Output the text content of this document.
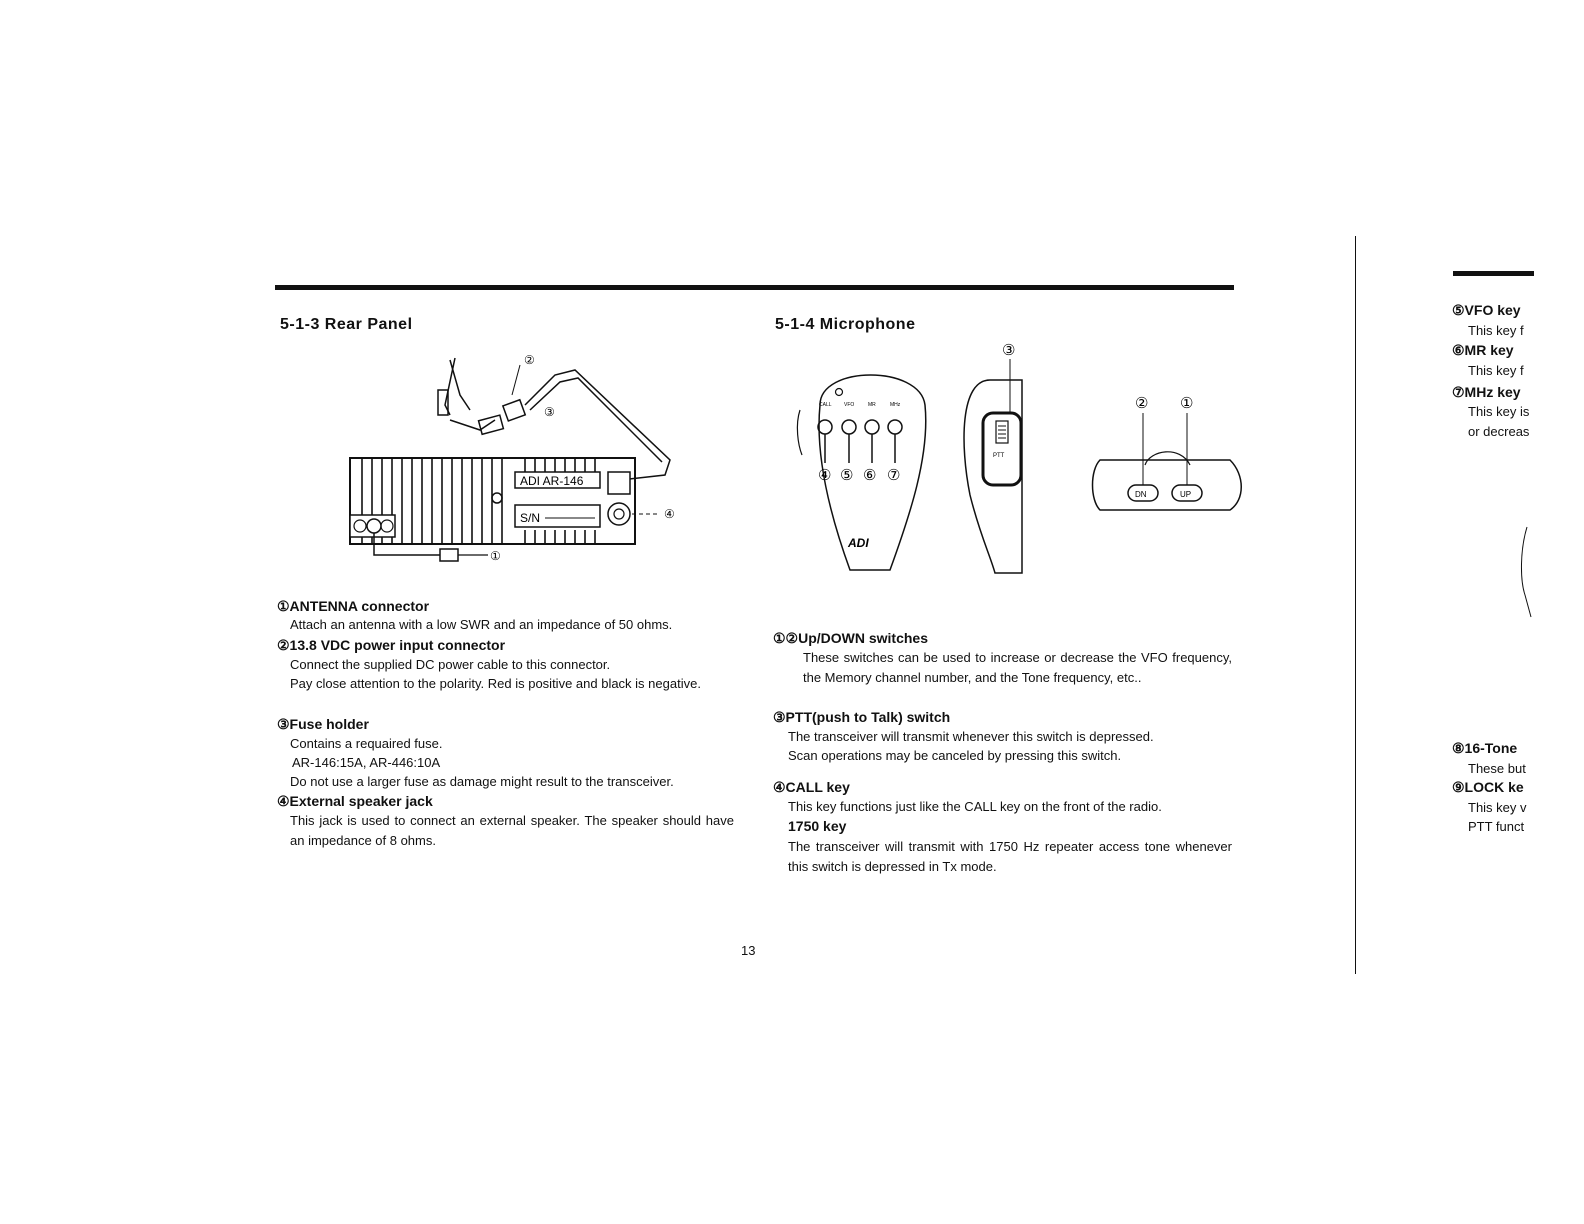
5-1-3 Rear Panel
ADI AR-146
S/N
②
③
④
①
①ANTENNA connector
Attach an antenna with a low SWR and an impedance of 50 ohms.
②13.8 VDC power input connector
Connect the supplied DC power cable to this connector.
Pay close attention to the polarity. Red is positive and black is negative.
③Fuse holder
Contains a requaired fuse.
AR-146:15A, AR-446:10A
Do not use a larger fuse as damage might result to the transceiver.
④External speaker jack
This jack is used to connect an external speaker. The speaker should have an impedance of 8 ohms.
5-1-4 Microphone
CALL VFO	MR	MHz
④ ⑤ ⑥ ⑦
ADI
PTT
③
DN	UP
② ①
①②Up/DOWN switches
These switches can be used to increase or decrease the VFO frequency, the Memory channel number, and the Tone frequency, etc..
③PTT(push to Talk) switch
The transceiver will transmit whenever this switch is depressed.
Scan operations may be canceled by pressing this switch.
④CALL key
This key functions just like the CALL key on the front of the radio.
1750 key
The transceiver will transmit with 1750 Hz repeater access tone whenever this switch is depressed in Tx mode.
13
⑤VFO key
This key f
⑥MR key
This key f
⑦MHz key
This key is
or decreas
⑧16-Tone
These but
⑨LOCK ke
This key v
PTT funct
